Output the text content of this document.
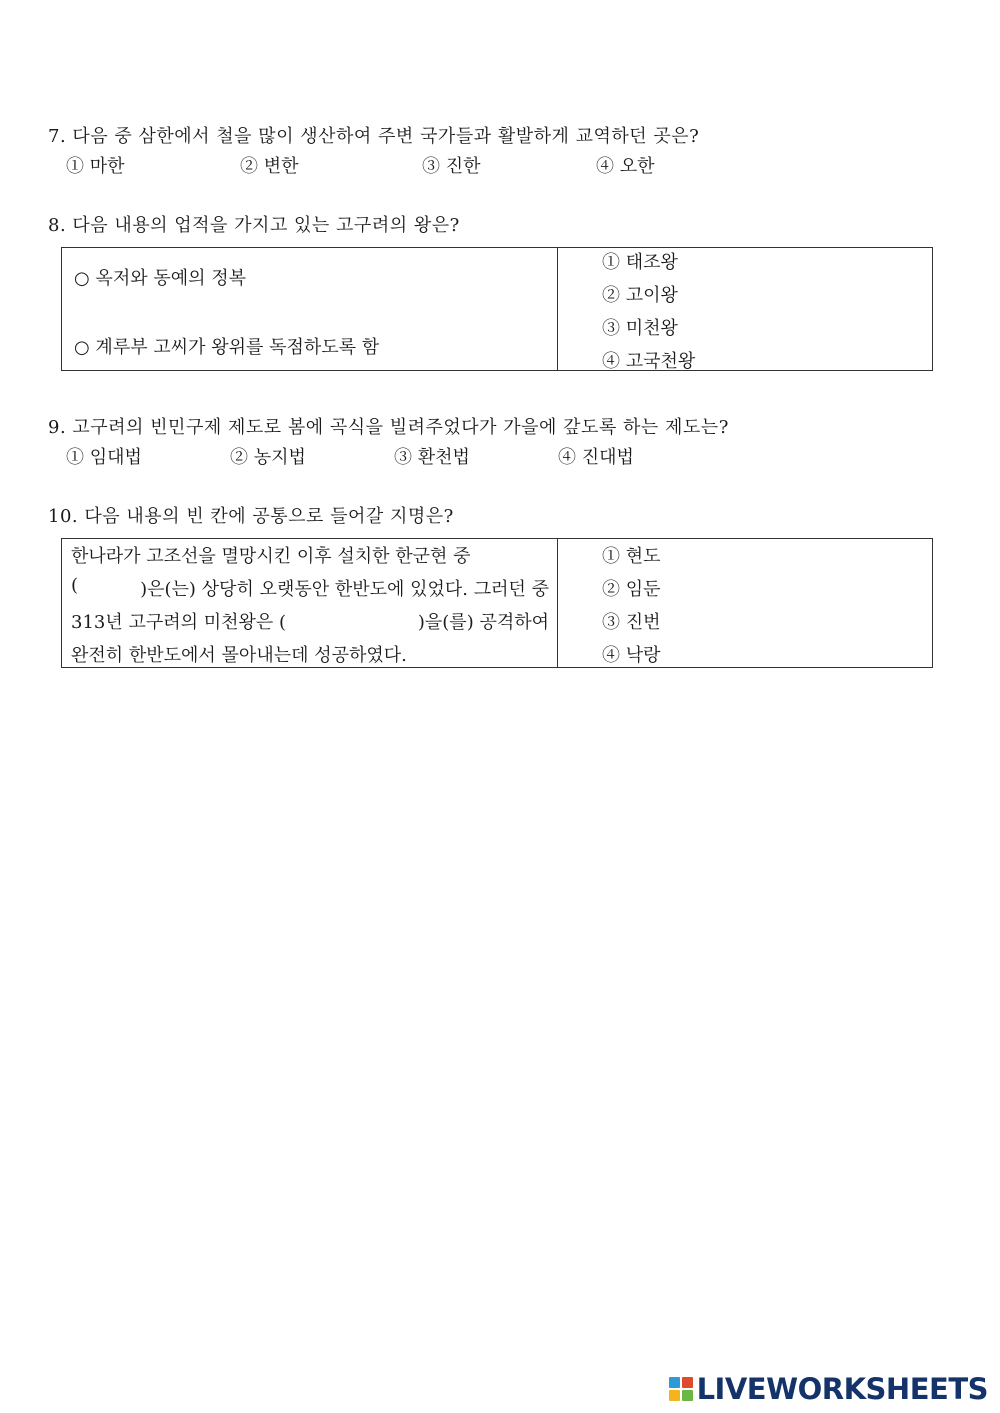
7. 다음 중 삼한에서 철을 많이 생산하여 주변 국가들과 활발하게 교역하던 곳은?
① 마한	② 변한	③ 진한	④ 오한
8. 다음 내용의 업적을 가지고 있는 고구려의 왕은?
○ 옥저와 동예의 정복
○ 계루부 고씨가 왕위를 독점하도록 함
① 태조왕
② 고이왕
③ 미천왕
④ 고국천왕
9. 고구려의 빈민구제 제도로 봄에 곡식을 빌려주었다가 가을에 갚도록 하는 제도는?
① 임대법	② 농지법	③ 환천법	④ 진대법
10. 다음 내용의 빈 칸에 공통으로 들어갈 지명은?
한나라가 고조선을 멸망시킨 이후 설치한 한군현 중
(	)은(는) 상당히 오랫동안 한반도에 있었다. 그러던 중
313년 고구려의 미천왕은 (	)을(를) 공격하여
완전히 한반도에서 몰아내는데 성공하였다.
① 현도
② 임둔
③ 진번
④ 낙랑
LIVEWORKSHEETS
